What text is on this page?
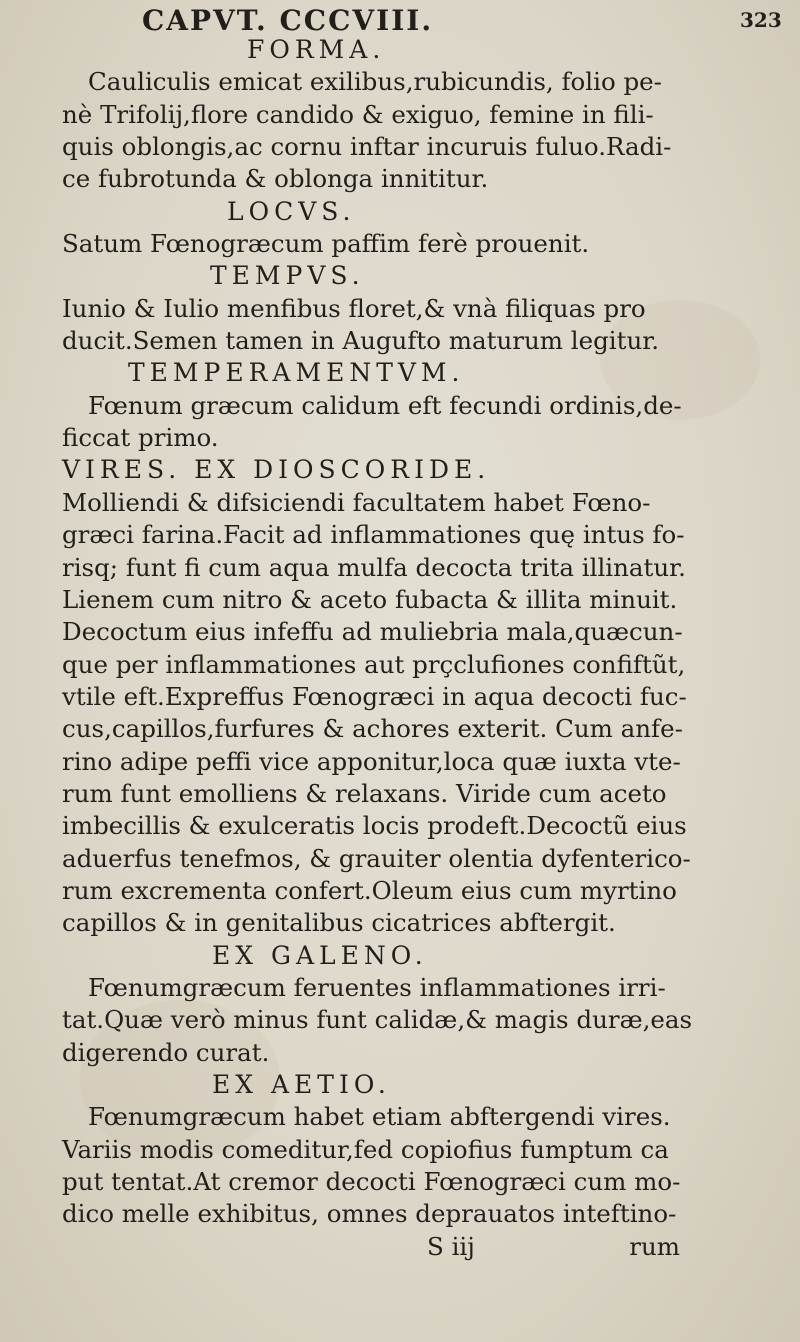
CAPVT. CCCVIII.	323
FORMA.
Cauliculis emicat exilibus,rubicundis, folio pe-
nè Trifolij,flore candido & exiguo, femine in fili-
quis oblongis,ac cornu inftar incuruis fuluo.Radi-
ce fubrotunda & oblonga innititur.
LOCVS.
Satum Fœnogræcum paffim ferè prouenit.
TEMPVS.
Iunio & Iulio menfibus floret,& vnà filiquas pro
ducit.Semen tamen in Augufto maturum legitur.
TEMPERAMENTVM.
Fœnum græcum calidum eft fecundi ordinis,de-
ficcat primo.
VIRES. EX DIOSCORIDE.
Molliendi & difsiciendi facultatem habet Fœno-
græci farina.Facit ad inflammationes quę intus fo-
risq; funt fi cum aqua mulfa decocta trita illinatur.
Lienem cum nitro & aceto fubacta & illita minuit.
Decoctum eius infeffu ad muliebria mala,quæcun-
que per inflammationes aut prçclufiones confiftũt,
vtile eft.Expreffus Fœnogræci in aqua decocti fuc-
cus,capillos,furfures & achores exterit. Cum anfe-
rino adipe peffi vice apponitur,loca quæ iuxta vte-
rum funt emolliens & relaxans. Viride cum aceto
imbecillis & exulceratis locis prodeft.Decoctũ eius
aduerfus tenefmos, & grauiter olentia dyfenterico-
rum excrementa confert.Oleum eius cum myrtino
capillos & in genitalibus cicatrices abftergit.
EX GALENO.
Fœnumgræcum feruentes inflammationes irri-
tat.Quæ verò minus funt calidæ,& magis duræ,eas
digerendo curat.
EX AETIO.
Fœnumgræcum habet etiam abftergendi vires.
Variis modis comeditur,fed copiofius fumptum ca
put tentat.At cremor decocti Fœnogræci cum mo-
dico melle exhibitus, omnes deprauatos inteftino-
S iij	rum
